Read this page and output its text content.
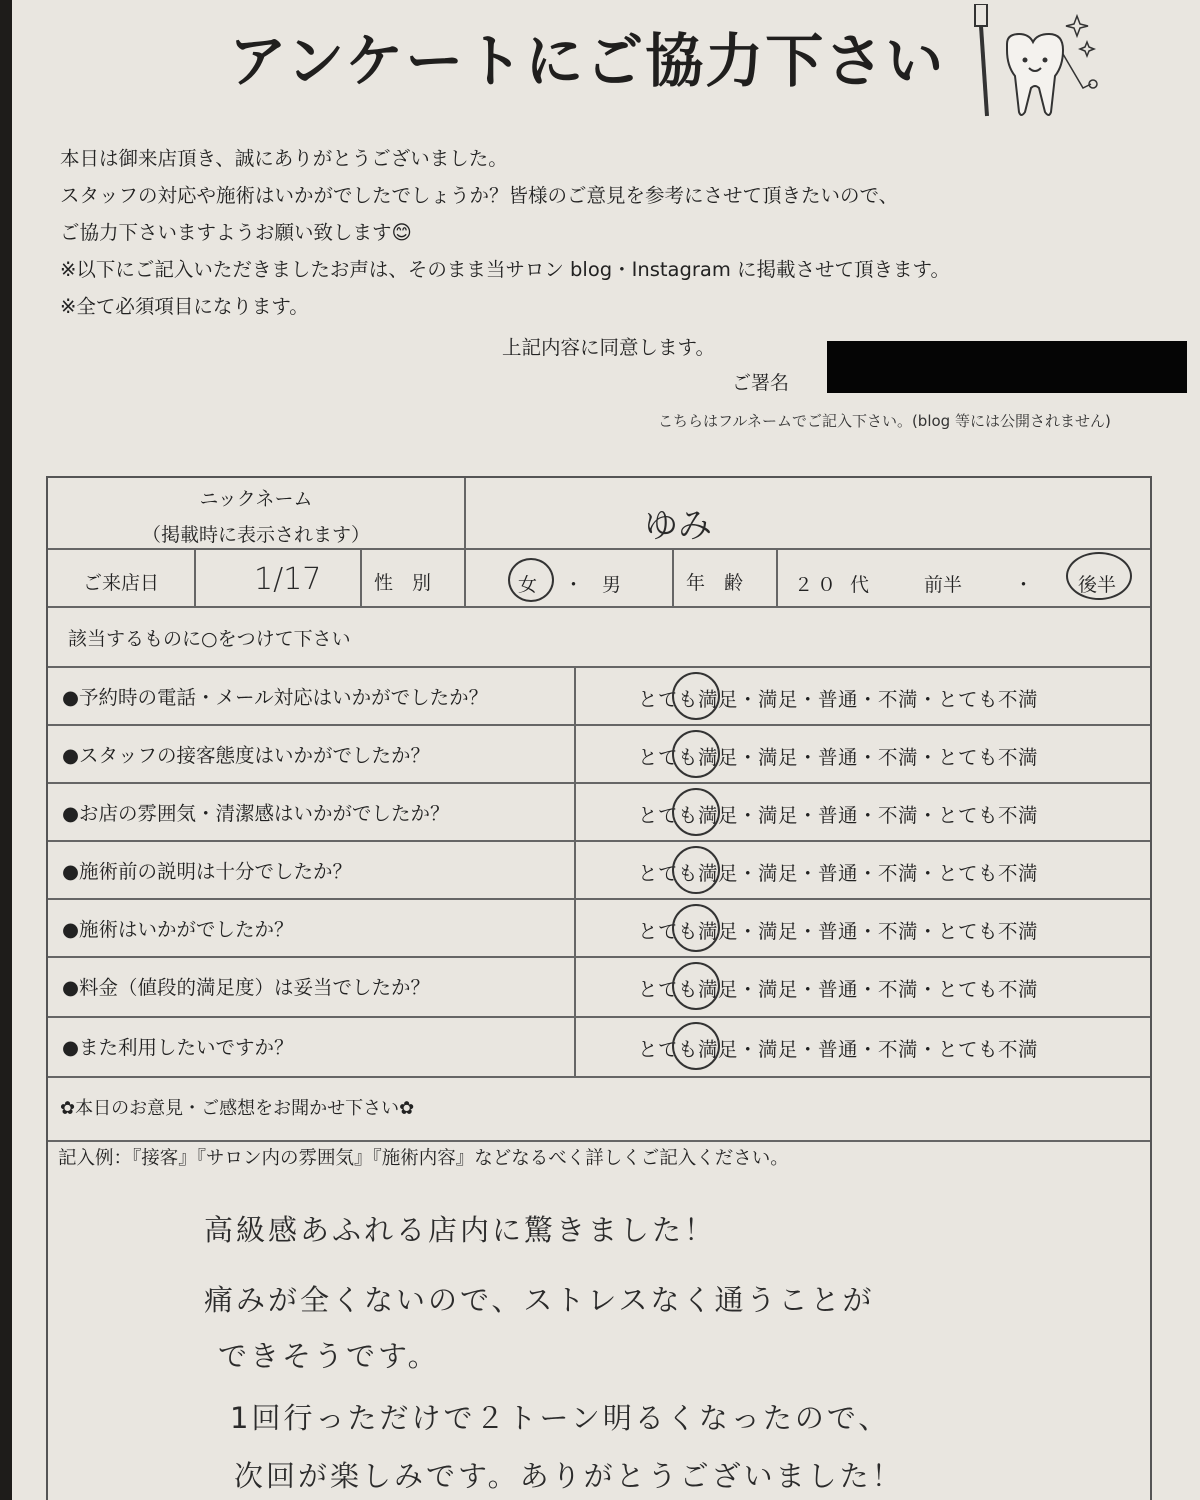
アンケートにご協力下さい
本日は御来店頂き、誠にありがとうございました。
スタッフの対応や施術はいかがでしたでしょうか？皆様のご意見を参考にさせて頂きたいので、
ご協力下さいますようお願い致します😊
※以下にご記入いただきましたお声は、そのまま当サロン blog・Instagram に掲載させて頂きます。
※全て必須項目になります。
上記内容に同意します。
ご署名
こちらはフルネームでご記入下さい。(blog 等には公開されません)
ニックネーム
（掲載時に表示されます）	ゆみ
ご来店日	1/17	性　別	女 ・ 男	年　齢	２０ 代	前半	・ 後半
該当するものに○をつけて下さい
●予約時の電話・メール対応はいかがでしたか？	とても満足・満足・普通・不満・とても不満
●スタッフの接客態度はいかがでしたか？	とても満足・満足・普通・不満・とても不満
●お店の雰囲気・清潔感はいかがでしたか？	とても満足・満足・普通・不満・とても不満
●施術前の説明は十分でしたか？	とても満足・満足・普通・不満・とても不満
●施術はいかがでしたか？	とても満足・満足・普通・不満・とても不満
●料金（値段的満足度）は妥当でしたか？	とても満足・満足・普通・不満・とても不満
●また利用したいですか？	とても満足・満足・普通・不満・とても不満
✿本日のお意見・ご感想をお聞かせ下さい✿
記入例：『接客』『サロン内の雰囲気』『施術内容』などなるべく詳しくご記入ください。
高級感あふれる店内に驚きました！
痛みが全くないので、ストレスなく通うことが
できそうです。
1回行っただけで２トーン明るくなったので、
次回が楽しみです。ありがとうございました！
